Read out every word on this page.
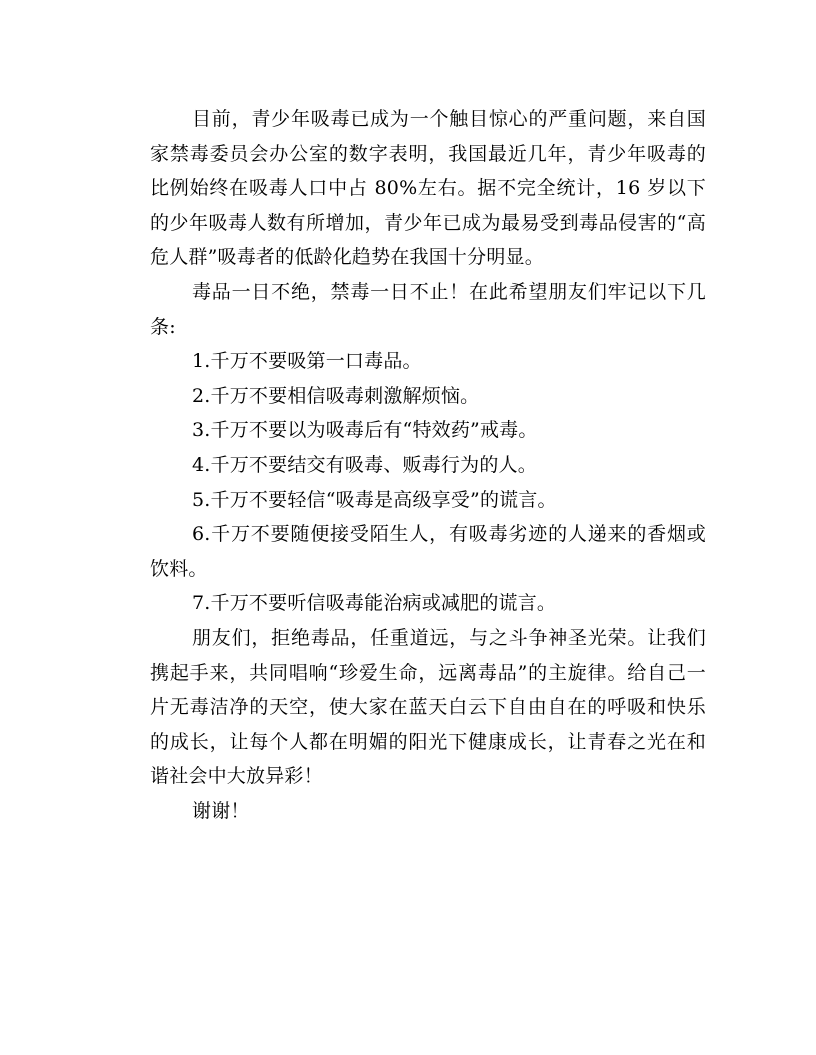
目前，青少年吸毒已成为一个触目惊心的严重问题，来自国家禁毒委员会办公室的数字表明，我国最近几年，青少年吸毒的比例始终在吸毒人口中占 80%左右。据不完全统计，16 岁以下的少年吸毒人数有所增加，青少年已成为最易受到毒品侵害的“高危人群”吸毒者的低龄化趋势在我国十分明显。

毒品一日不绝，禁毒一日不止！在此希望朋友们牢记以下几条:

1.千万不要吸第一口毒品。

2.千万不要相信吸毒刺激解烦恼。

3.千万不要以为吸毒后有“特效药”戒毒。

4.千万不要结交有吸毒、贩毒行为的人。

5.千万不要轻信“吸毒是高级享受”的谎言。

6.千万不要随便接受陌生人，有吸毒劣迹的人递来的香烟或饮料。

7.千万不要听信吸毒能治病或减肥的谎言。

朋友们，拒绝毒品，任重道远，与之斗争神圣光荣。让我们携起手来，共同唱响“珍爱生命，远离毒品”的主旋律。给自己一片无毒洁净的天空，使大家在蓝天白云下自由自在的呼吸和快乐的成长，让每个人都在明媚的阳光下健康成长，让青春之光在和谐社会中大放异彩！

谢谢！
